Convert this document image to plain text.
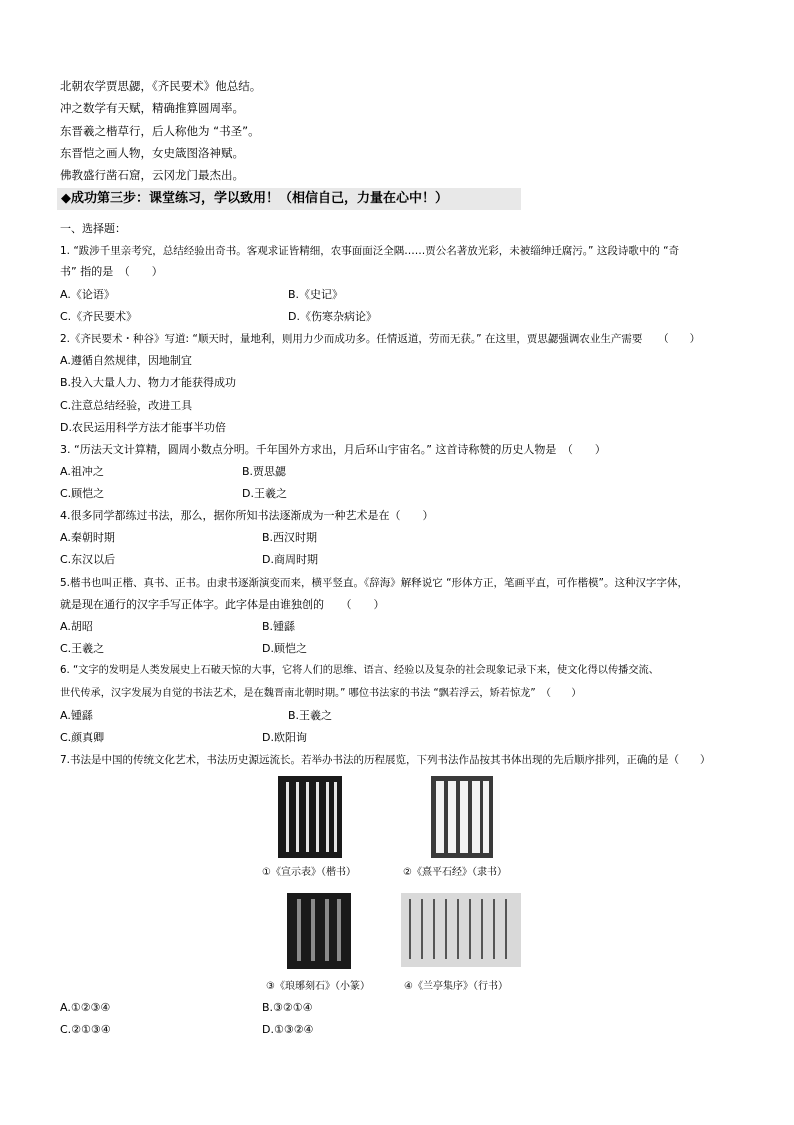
北朝农学贾思勰，《齐民要术》他总结。
冲之数学有天赋，精确推算圆周率。
东晋羲之楷草行，后人称他为 “书圣”。
东晋恺之画人物，女史箴图洛神赋。
佛教盛行凿石窟，云冈龙门最杰出。
◆成功第三步：课堂练习，学以致用！（相信自己，力量在心中！）
一、选择题：
1. “跋涉千里亲考究，总结经验出奇书。客观求证皆精细，农事面面泛全隅……贾公名著放光彩，未被缁绅迁腐污。” 这段诗歌中的 “奇
书” 指的是　（　　）
A.《论语》	B.《史记》
C.《齐民要术》	D.《伤寒杂病论》
2.《齐民要术・种谷》写道: “顺天时，量地利，则用力少而成功多。任情返道，劳而无获。” 在这里，贾思勰强调农业生产需要　　（　　）
A.遵循自然规律，因地制宜
B.投入大量人力、物力才能获得成功
C.注意总结经验，改进工具
D.农民运用科学方法才能事半功倍
3. “历法天文计算精，圆周小数点分明。千年国外方求出，月后环山宇宙名。” 这首诗称赞的历史人物是　（　　）
A.祖冲之	B.贾思勰
C.顾恺之	D.王羲之
4.很多同学都练过书法，那么，据你所知书法逐渐成为一种艺术是在（　　）
A.秦朝时期	B.西汉时期
C.东汉以后	D.商周时期
5.楷书也叫正楷、真书、正书。由隶书逐渐演变而来，横平竖直。《辞海》解释说它 “形体方正，笔画平直，可作楷模”。这种汉字字体，
就是现在通行的汉字手写正体字。此字体是由谁独创的　　（　　）
A.胡昭	B.锺繇
C.王羲之	D.顾恺之
6. “文字的发明是人类发展史上石破天惊的大事，它将人们的思维、语言、经验以及复杂的社会现象记录下来，使文化得以传播交流、
世代传承，汉字发展为自觉的书法艺术，是在魏晋南北朝时期。” 哪位书法家的书法 “飘若浮云，矫若惊龙”　（　　）
A.锺繇	B.王羲之
C.颜真卿	D.欧阳询
7.书法是中国的传统文化艺术，书法历史源远流长。若举办书法的历程展览，下列书法作品按其书体出现的先后顺序排列，正确的是（　　）
①《宣示表》（楷书）	②《熹平石经》（隶书）
③《琅琊刻石》（小篆）	④《兰亭集序》（行书）
A.①②③④	B.③②①④
C.②①③④	D.①③②④
